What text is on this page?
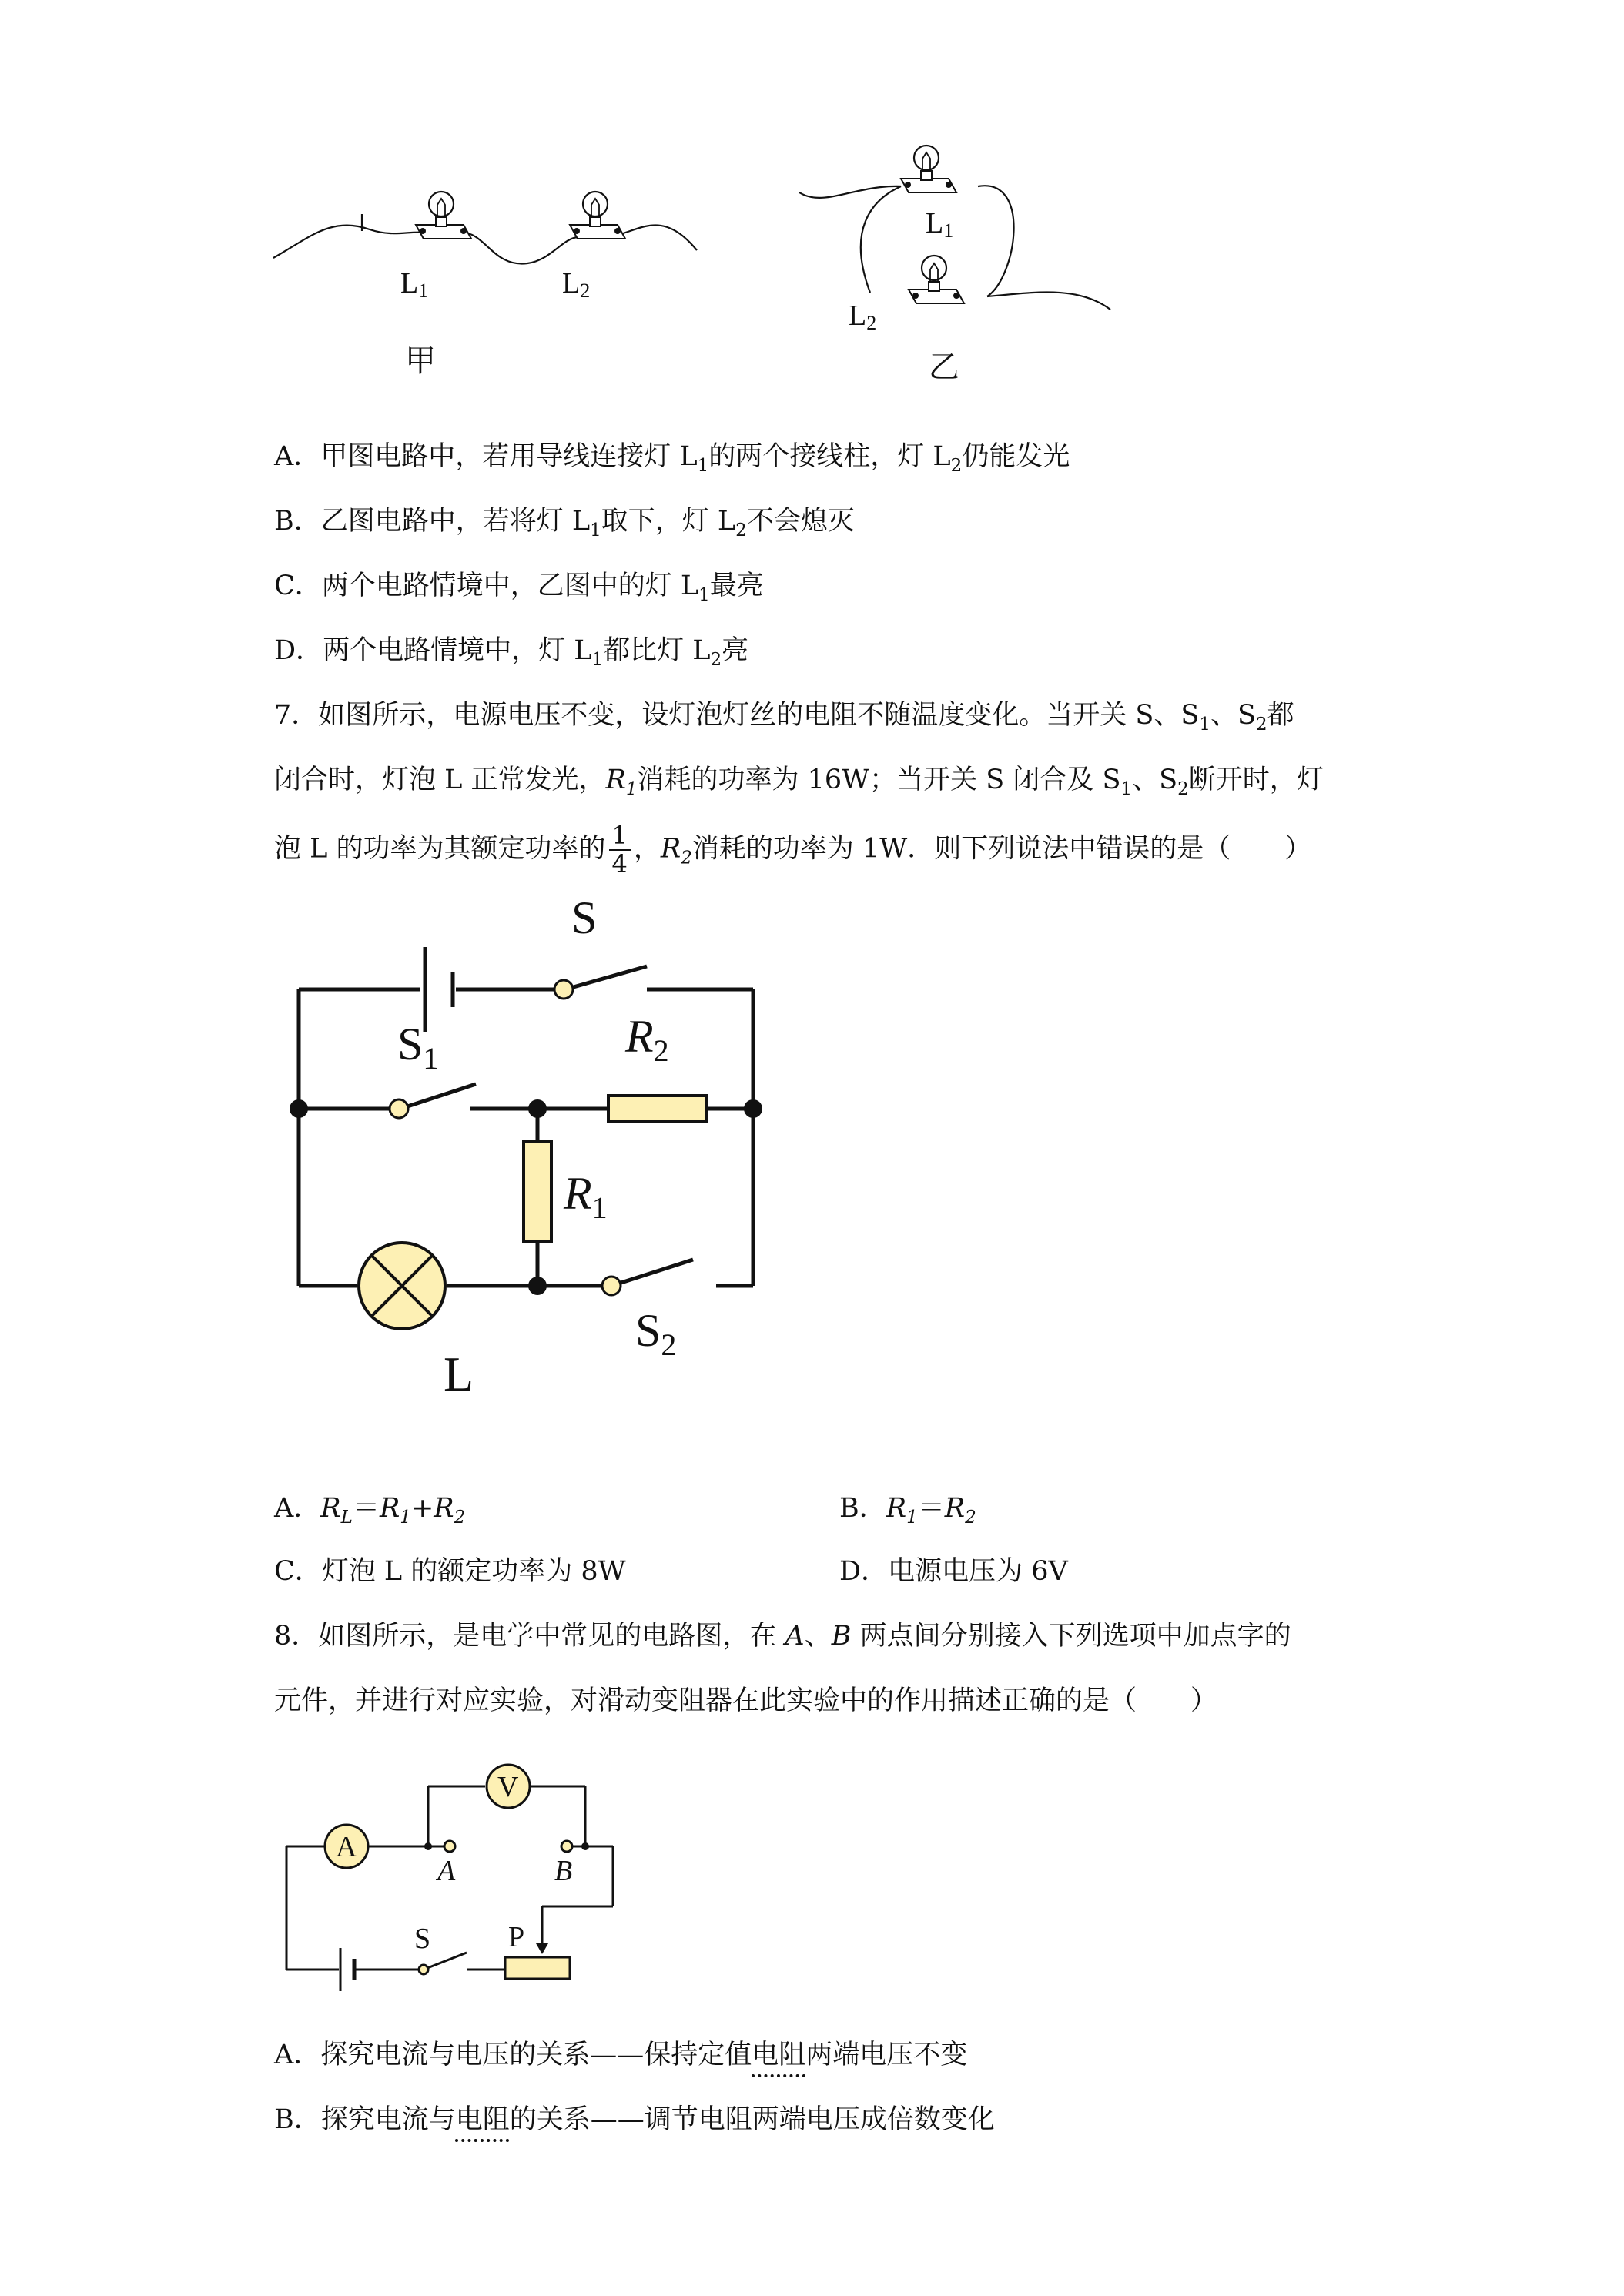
L1	L2
甲
L1
L2
乙
A．甲图电路中，若用导线连接灯 $L_1$的两个接线柱，灯 $L_2$仍能发光
B．乙图电路中，若将灯 $L_1$取下，灯 $L_2$不会熄灭
C．两个电路情境中，乙图中的灯 $L_1$最亮
D．两个电路情境中，灯 $L_1$都比灯 $L_2$亮
7．如图所示，电源电压不变，设灯泡灯丝的电阻不随温度变化。当开关 S、$S_1$、$S_2$都
闭合时，灯泡 L 正常发光，$R_1$消耗的功率为 16W；当开关 S 闭合及 $S_1$、$S_2$断开时，灯
泡 L 的功率为其额定功率的 $\frac{1}{4}$ ，$R_2$消耗的功率为 1W．则下列说法中错误的是（　　）
S
$S_1$	$R_2$
$R_1$
$S_2$
L
A．$R_L=R_1+R_2$	B．$R_1=R_2$
C．灯泡 L 的额定功率为 8W	D．电源电压为 6V
8．如图所示，是电学中常见的电路图，在 A、B 两点间分别接入下列选项中加点字的
元件，并进行对应实验，对滑动变阻器在此实验中的作用描述正确的是（　　）
A
V
A	B
S	P
A．探究电流与电压的关系——保持定值电阻两端电压不变
B．探究电流与电阻的关系——调节电阻两端电压成倍数变化
